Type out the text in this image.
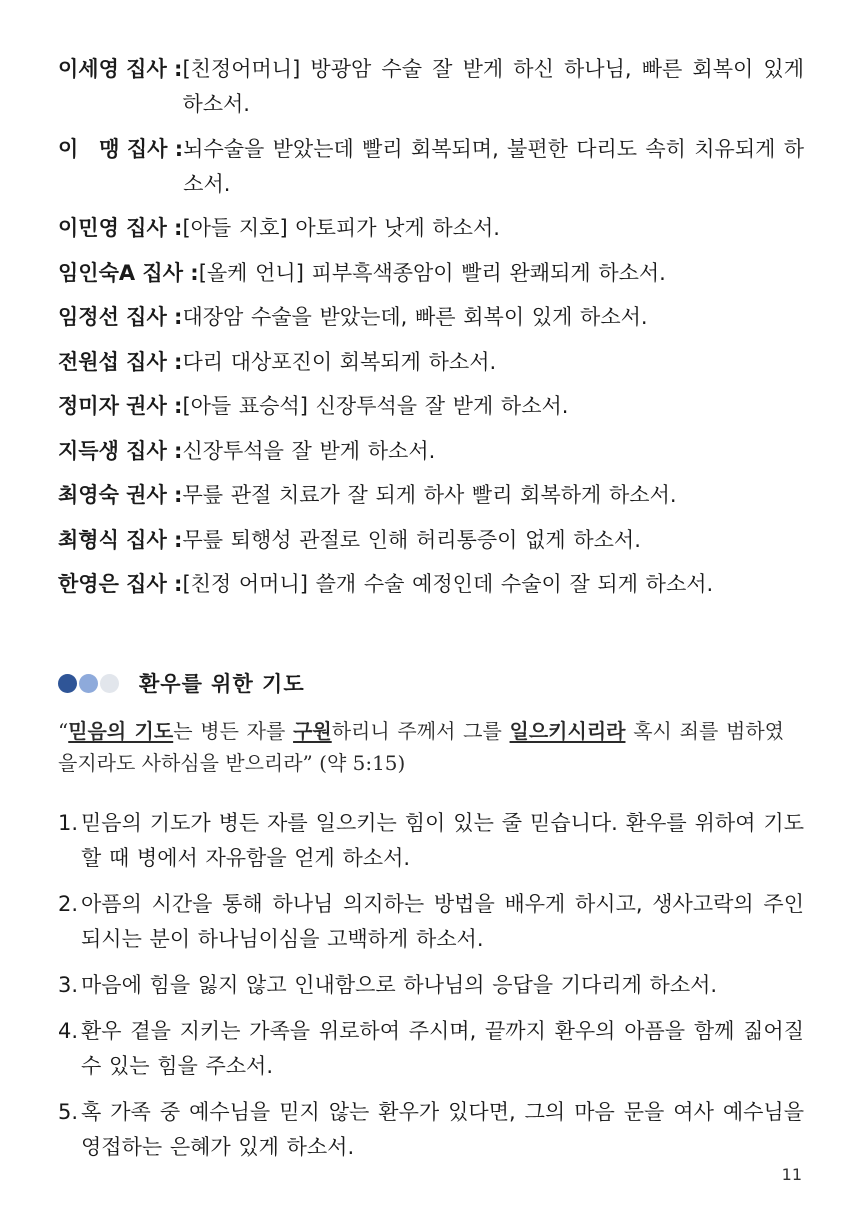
이세영 집사 : [친정어머니] 방광암 수술 잘 받게 하신 하나님, 빠른 회복이 있게 하소서.
이　맹 집사 : 뇌수술을 받았는데 빨리 회복되며, 불편한 다리도 속히 치유되게 하소서.
이민영 집사 : [아들 지호] 아토피가 낫게 하소서.
임인숙A 집사 : [올케 언니] 피부흑색종암이 빨리 완쾌되게 하소서.
임정선 집사 : 대장암 수술을 받았는데, 빠른 회복이 있게 하소서.
전원섭 집사 : 다리 대상포진이 회복되게 하소서.
정미자 권사 : [아들 표승석] 신장투석을 잘 받게 하소서.
지득생 집사 : 신장투석을 잘 받게 하소서.
최영숙 권사 : 무릎 관절 치료가 잘 되게 하사 빨리 회복하게 하소서.
최형식 집사 : 무릎 퇴행성 관절로 인해 허리통증이 없게 하소서.
한영은 집사 : [친정 어머니] 쓸개 수술 예정인데 수술이 잘 되게 하소서.
환우를 위한 기도
“믿음의 기도는 병든 자를 구원하리니 주께서 그를 일으키시리라 혹시 죄를 범하였을지라도 사하심을 받으리라” (약 5:15)
1. 믿음의 기도가 병든 자를 일으키는 힘이 있는 줄 믿습니다. 환우를 위하여 기도할 때 병에서 자유함을 얻게 하소서.
2. 아픔의 시간을 통해 하나님 의지하는 방법을 배우게 하시고, 생사고락의 주인 되시는 분이 하나님이심을 고백하게 하소서.
3. 마음에 힘을 잃지 않고 인내함으로 하나님의 응답을 기다리게 하소서.
4. 환우 곁을 지키는 가족을 위로하여 주시며, 끝까지 환우의 아픔을 함께 짊어질 수 있는 힘을 주소서.
5. 혹 가족 중 예수님을 믿지 않는 환우가 있다면, 그의 마음 문을 여사 예수님을 영접하는 은혜가 있게 하소서.
11
